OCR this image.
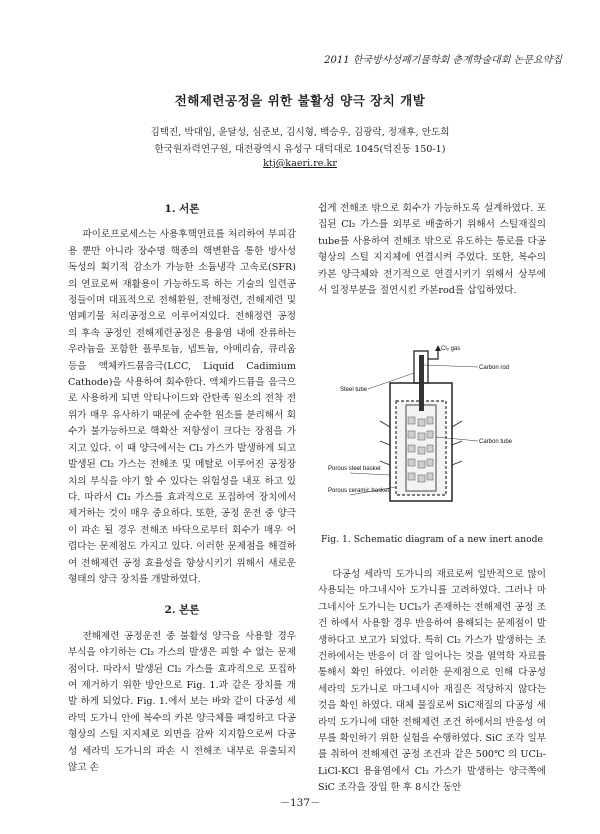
2011 한국방사성폐기물학회 춘계학술대회 논문요약집
전해제련공정을 위한 불활성 양극 장치 개발
김택진, 박대임, 윤달성, 심준보, 김시형, 백승우, 김광락, 정재후, 안도희
한국원자력연구원, 대전광역시 유성구 대덕대로 1045(덕진동 150-1)
ktj@kaeri.re.kr

1. 서론

파이로프로세스는 사용후핵연료를 처리하여 부피감용 뿐만 아니라 장수명 핵종의 핵변환을 통한 방사성 독성의 획기적 감소가 가능한 소듐냉각 고속로(SFR)의 연료로써 재활용이 가능하도록 하는 기술의 일련공정들이며 대표적으로 전해환원, 전해정련, 전해제련 및 염폐기물 처리공정으로 이루어져있다. 전해정련 공정의 후속 공정인 전해제련공정은 용융염 내에 잔류하는 우라늄을 포함한 플루토늄, 넵트늄, 아메리슘, 큐리움 등을 액체카드뮴음극(LCC, Liquid Cadimium Cathode)을 사용하여 회수한다. 액체카드뮴을 음극으로 사용하게 되면 악티나이드와 란탄족 원소의 전착 전위가 매우 유사하기 때문에 순수한 원소를 분리해서 회수가 불가능하므로 핵확산 저항성이 크다는 장점을 가지고 있다. 이 때 양극에서는 Cl₂ 가스가 발생하게 되고 발생된 Cl₂ 가스는 전해조 및 메탈로 이루어진 공정장치의 부식을 야기 할 수 있다는 위험성을 내포 하고 있다. 따라서 Cl₂ 가스를 효과적으로 포집하여 장치에서 제거하는 것이 매우 중요하다. 또한, 공정 운전 중 양극이 파손 될 경우 전해조 바닥으로부터 회수가 매우 어렵다는 문제점도 가지고 있다. 이러한 문제점을 해결하여 전해제련 공정 효율성을 향상시키기 위해서 새로운 형태의 양극 장치를 개발하였다.

2. 본론

전해제련 공정운전 중 불활성 양극을 사용할 경우 부식을 야기하는 Cl₂ 가스의 발생은 피할 수 없는 문제점이다. 따라서 발생된 Cl₂ 가스를 효과적으로 포집하여 제거하기 위한 방안으로 Fig. 1.과 같은 장치를 개발 하게 되었다. Fig. 1.에서 보는 바와 같이 다공성 세라믹 도가니 안에 복수의 카본 양극체를 패킹하고 다공형상의 스틸 지지체로 외면을 감싸 지지함으로써 다공성 세라믹 도가니의 파손 시 전해조 내부로 유출되지 않고 손

쉽게 전해조 밖으로 회수가 가능하도록 설계하였다. 포집된 Cl₂ 가스를 외부로 배출하기 위해서 스틸재질의 tube를 사용하여 전해조 밖으로 유도하는 통로를 다공형상의 스틸 지지체에 연결시켜 주었다. 또한, 복수의 카본 양극체와 전기적으로 연결시키기 위해서 상부에서 일정부분을 절연시킨 카본rod를 삽입하였다.

Cl₂ gas
Carbon rod
Steel tube
Carbon tube
Porous steel basket
Porous ceramic basket
Fig. 1. Schematic diagram of a new inert anode

다공성 세라믹 도가니의 재료로써 일반적으로 많이 사용되는 마그네시아 도가니를 고려하였다. 그러나 마그네시아 도가니는 UCl₃가 존재하는 전해제련 공정 조건 하에서 사용할 경우 반응하여 용해되는 문제점이 발생하다고 보고가 되었다. 특히 Cl₂ 가스가 발생하는 조건하에서는 반응이 더 잘 일어나는 것을 열역학 자료를 통해서 확인 하였다. 이러한 문제점으로 인해 다공성 세라믹 도가니로 마그네시아 재질은 적당하지 않다는 것을 확인 하였다. 대체 물질로써 SiC재질의 다공성 세라믹 도가니에 대한 전해제련 조건 하에서의 반응성 여부를 확인하기 위한 실험을 수행하였다. SiC 조각 일부를 취하여 전해제련 공정 조건과 같은 500℃ 의 UCl₃-LiCl-KCl 용융염에서 Cl₂ 가스가 발생하는 양극쪽에 SiC 조각을 장입 한 후 8시간 동안

－137－
